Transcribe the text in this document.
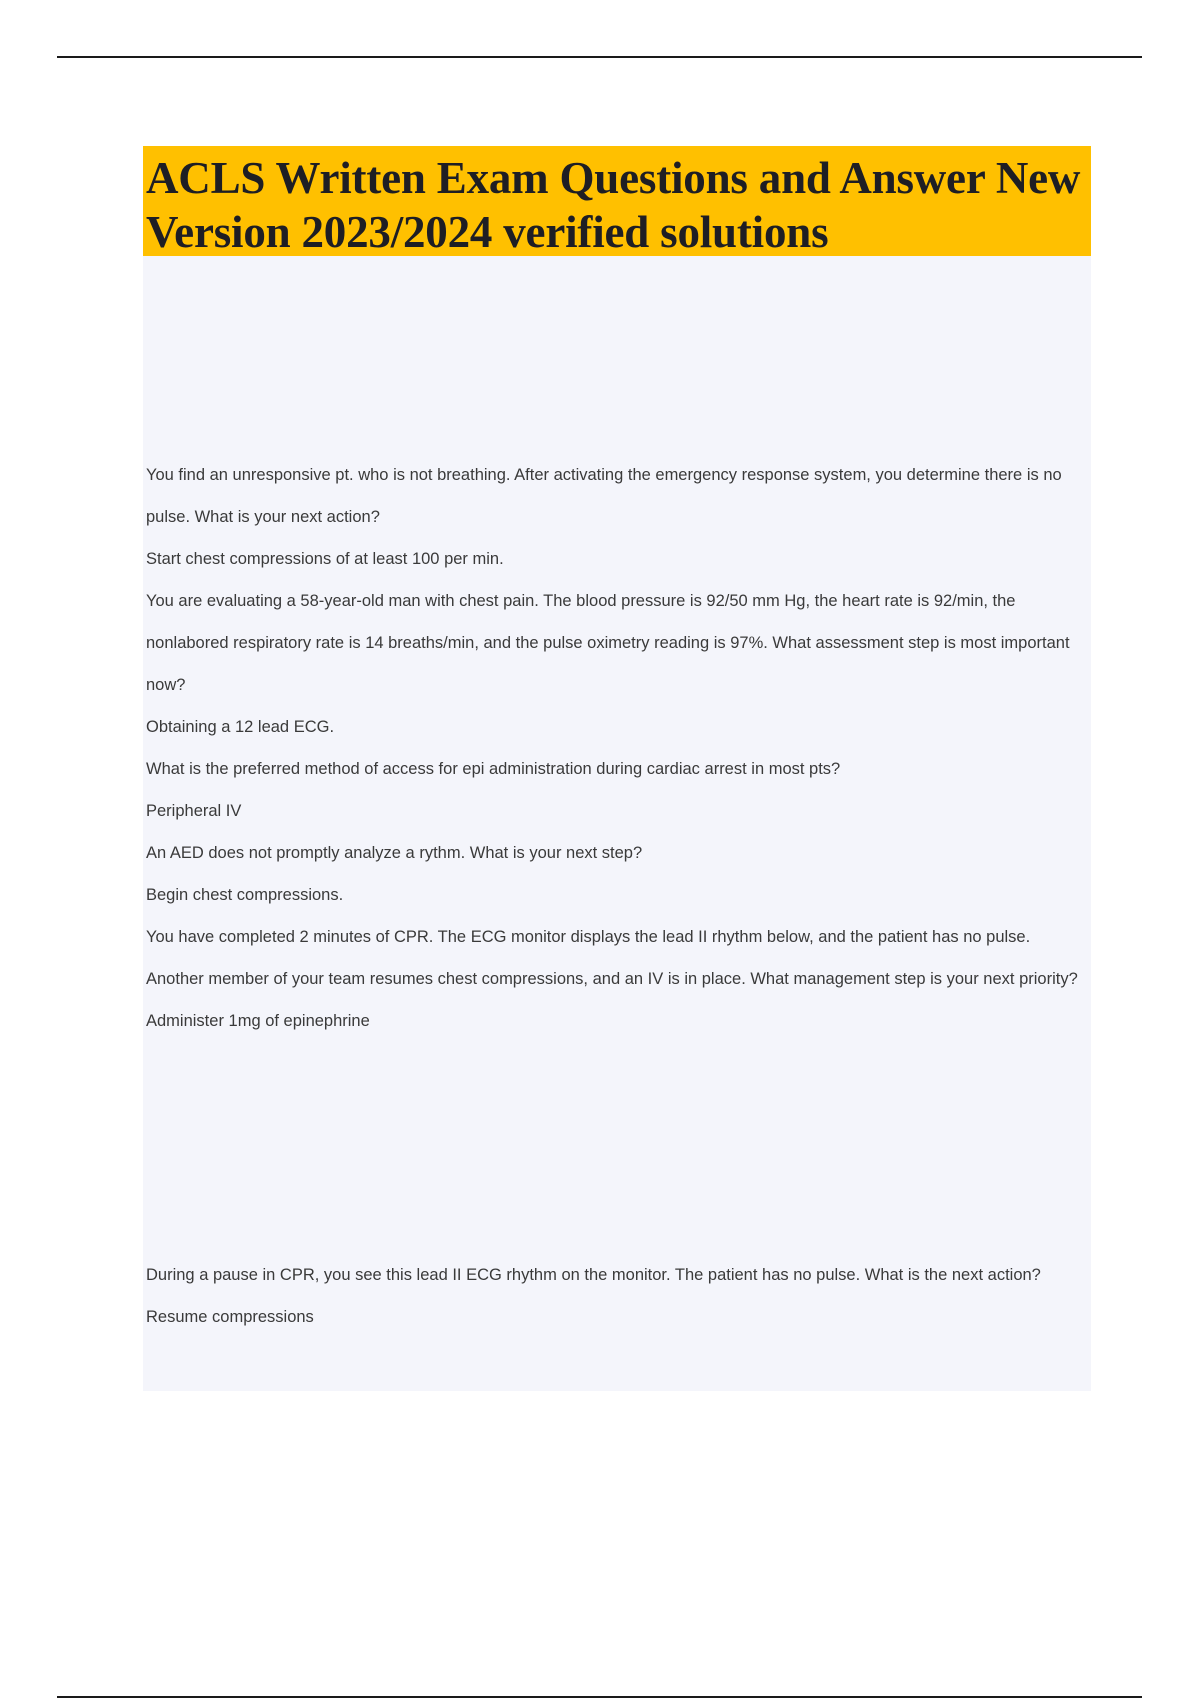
ACLS Written Exam Questions and Answer New Version 2023/2024 verified solutions
You find an unresponsive pt. who is not breathing. After activating the emergency response system, you determine there is no pulse. What is your next action?
Start chest compressions of at least 100 per min.
You are evaluating a 58-year-old man with chest pain. The blood pressure is 92/50 mm Hg, the heart rate is 92/min, the nonlabored respiratory rate is 14 breaths/min, and the pulse oximetry reading is 97%. What assessment step is most important now?
Obtaining a 12 lead ECG.
What is the preferred method of access for epi administration during cardiac arrest in most pts?
Peripheral IV
An AED does not promptly analyze a rythm. What is your next step?
Begin chest compressions.
You have completed 2 minutes of CPR. The ECG monitor displays the lead II rhythm below, and the patient has no pulse. Another member of your team resumes chest compressions, and an IV is in place. What management step is your next priority?
Administer 1mg of epinephrine
During a pause in CPR, you see this lead II ECG rhythm on the monitor. The patient has no pulse. What is the next action?
Resume compressions
